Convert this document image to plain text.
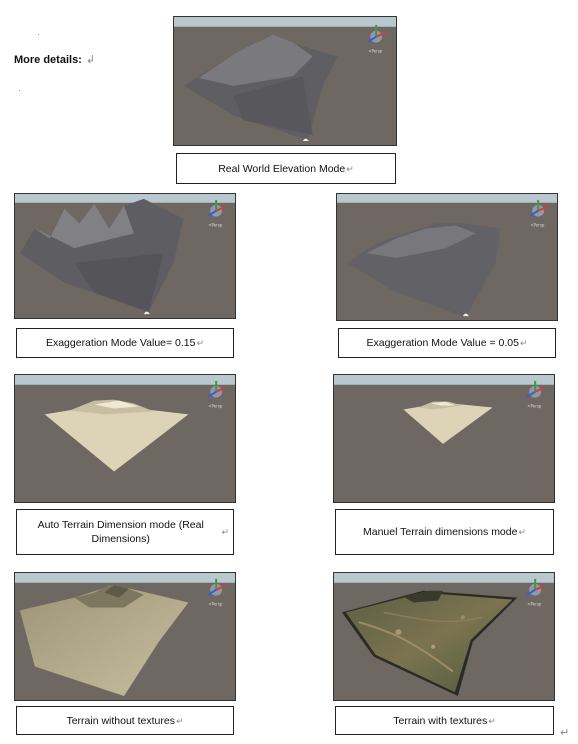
More details: ↲
<Persp
Real World Elevation Mode ↵
<Persp
Exaggeration Mode Value= 0.15 ↵
<Persp
Exaggeration Mode Value = 0.05 ↵
<Persp
Auto Terrain Dimension mode (Real Dimensions)
↵
<Persp
Manuel Terrain dimensions mode ↵
<Persp
Terrain without textures ↵
<Persp
Terrain with textures ↵
↵
